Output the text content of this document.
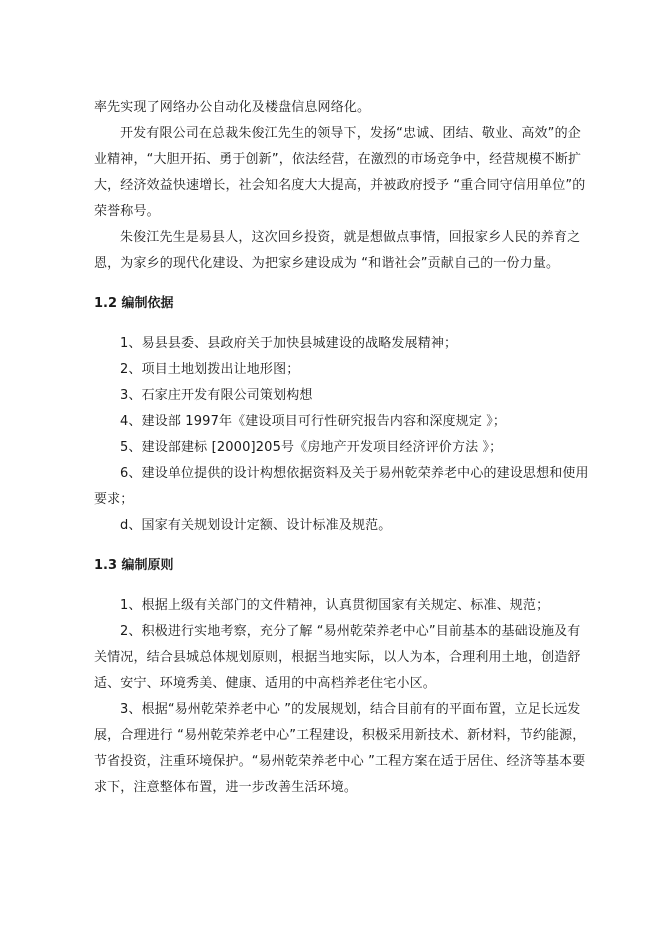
率先实现了网络办公自动化及楼盘信息网络化。

开发有限公司在总裁朱俊江先生的领导下，发扬“忠诚、团结、敬业、高效”的企

业精神，“大胆开拓、勇于创新”，依法经营，在激烈的市场竞争中，经营规模不断扩

大，经济效益快速增长，社会知名度大大提高，并被政府授予 “重合同守信用单位”的

荣誉称号。

朱俊江先生是易县人，这次回乡投资，就是想做点事情，回报家乡人民的养育之

恩，为家乡的现代化建设、为把家乡建设成为 “和谐社会”贡献自己的一份力量。

1.2 编制依据

1、易县县委、县政府关于加快县城建设的战略发展精神；

2、项目土地划拨出让地形图；

3、石家庄开发有限公司策划构想

4、建设部 1997年《建设项目可行性研究报告内容和深度规定 》；

5、建设部建标 [2000]205号《房地产开发项目经济评价方法 》；

6、建设单位提供的设计构想依据资料及关于易州乾荣养老中心的建设思想和使用

要求；

d、国家有关规划设计定额、设计标准及规范。

1.3 编制原则

1、根据上级有关部门的文件精神，认真贯彻国家有关规定、标准、规范；

2、积极进行实地考察，充分了解 “易州乾荣养老中心”目前基本的基础设施及有

关情况，结合县城总体规划原则，根据当地实际，以人为本，合理利用土地，创造舒

适、安宁、环境秀美、健康、适用的中高档养老住宅小区。

3、根据“易州乾荣养老中心 ”的发展规划，结合目前有的平面布置，立足长远发

展，合理进行 “易州乾荣养老中心”工程建设，积极采用新技术、新材料，节约能源，

节省投资，注重环境保护。“易州乾荣养老中心 ”工程方案在适于居住、经济等基本要

求下，注意整体布置，进一步改善生活环境。
